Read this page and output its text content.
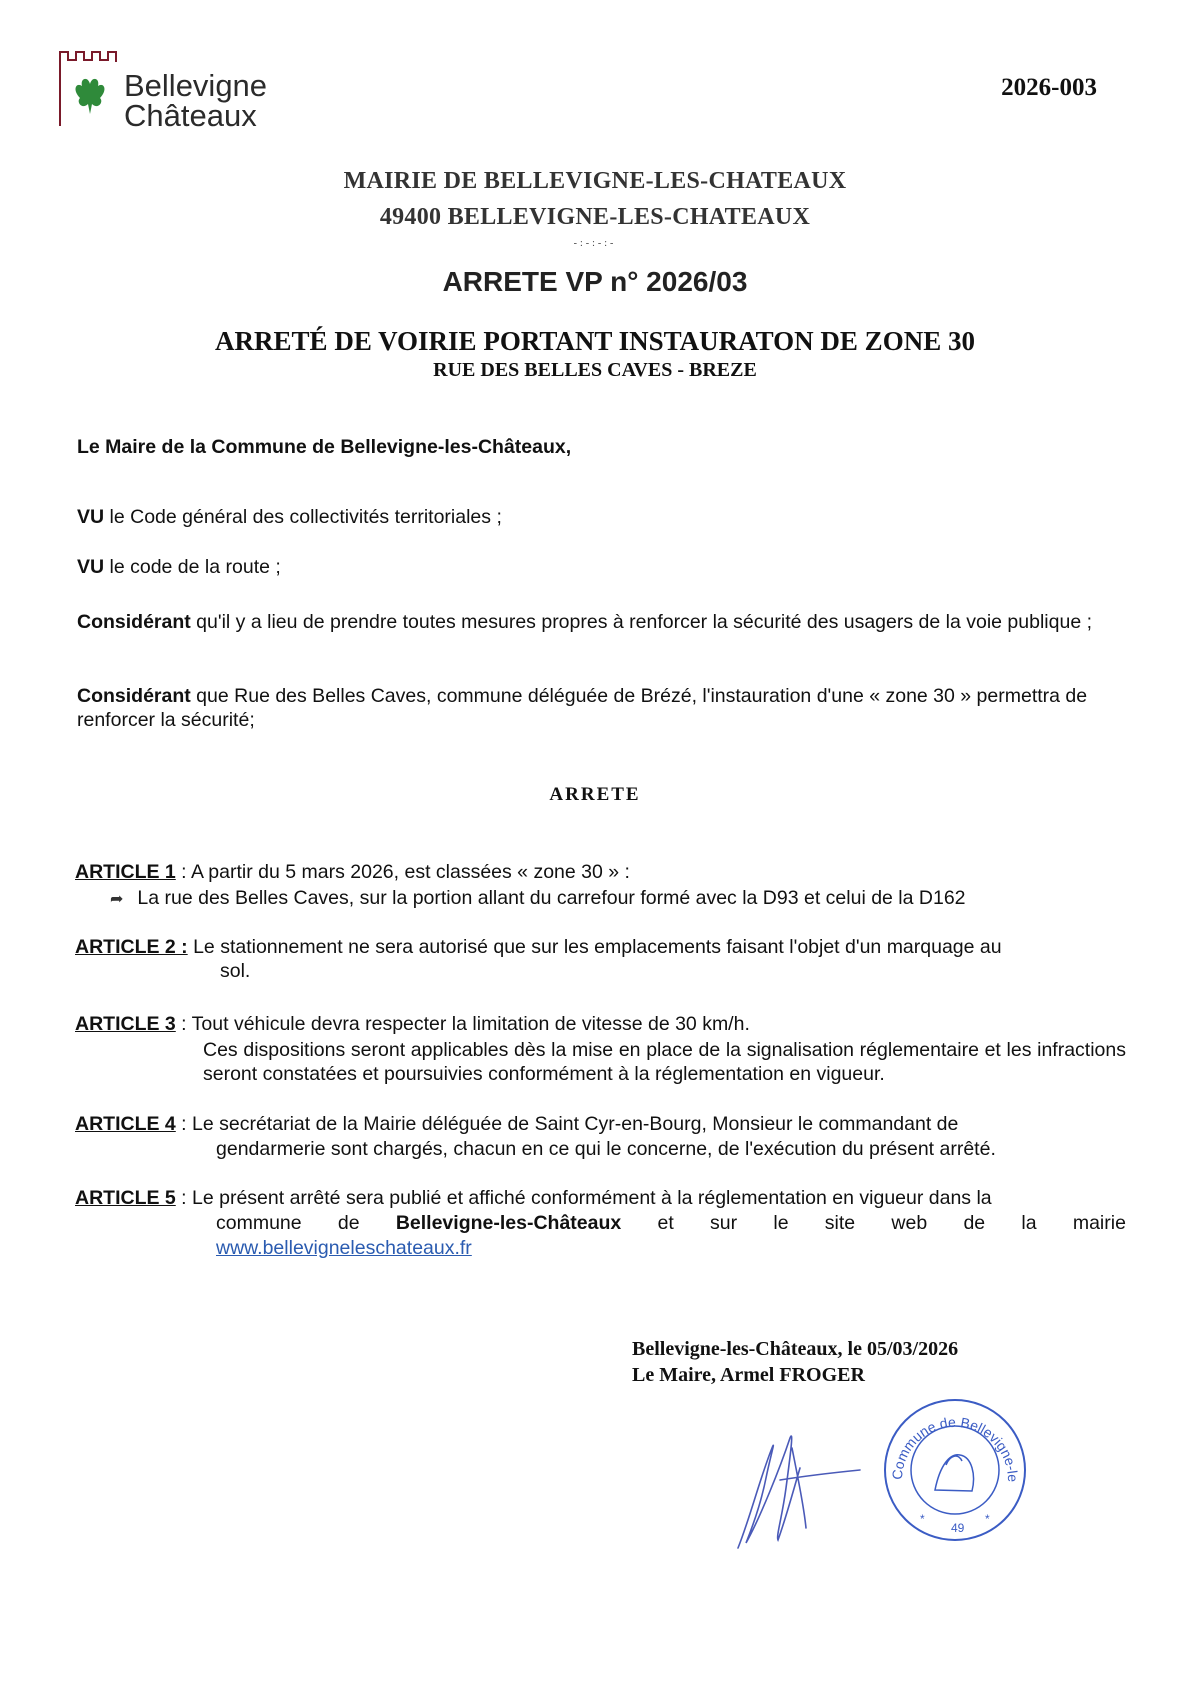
Bellevigne
Châteaux
2026-003
MAIRIE DE BELLEVIGNE-LES-CHATEAUX
49400 BELLEVIGNE-LES-CHATEAUX
-:-:-:-
ARRETE VP n° 2026/03
ARRETÉ DE VOIRIE PORTANT INSTAURATON DE ZONE 30
RUE DES BELLES CAVES - BREZE
Le Maire de la Commune de Bellevigne-les-Châteaux,
VU le Code général des collectivités territoriales ;
VU le code de la route ;
Considérant qu'il y a lieu de prendre toutes mesures propres à renforcer la sécurité des usagers de la voie publique ;
Considérant que Rue des Belles Caves, commune déléguée de Brézé, l'instauration d'une « zone 30 » permettra de renforcer la sécurité;
ARRETE
ARTICLE 1 : A partir du 5 mars 2026, est classées « zone 30 » :
➦ La rue des Belles Caves, sur la portion allant du carrefour formé avec la D93 et celui de la D162
ARTICLE 2 : Le stationnement ne sera autorisé que sur les emplacements faisant l'objet d'un marquage au
sol.
ARTICLE 3 : Tout véhicule devra respecter la limitation de vitesse de 30 km/h.
Ces dispositions seront applicables dès la mise en place de la signalisation réglementaire et les infractions seront constatées et poursuivies conformément à la réglementation en vigueur.
ARTICLE 4 : Le secrétariat de la Mairie déléguée de Saint Cyr-en-Bourg, Monsieur le commandant de
gendarmerie sont chargés, chacun en ce qui le concerne, de l'exécution du présent arrêté.
ARTICLE 5 : Le présent arrêté sera publié et affiché conformément à la réglementation en vigueur dans la
commune de Bellevigne-les-Châteaux et sur le site web de la mairie
www.bellevigneleschateaux.fr
Bellevigne-les-Châteaux, le 05/03/2026
Le Maire, Armel FROGER
Commune de Bellevigne-le
49
*	*
